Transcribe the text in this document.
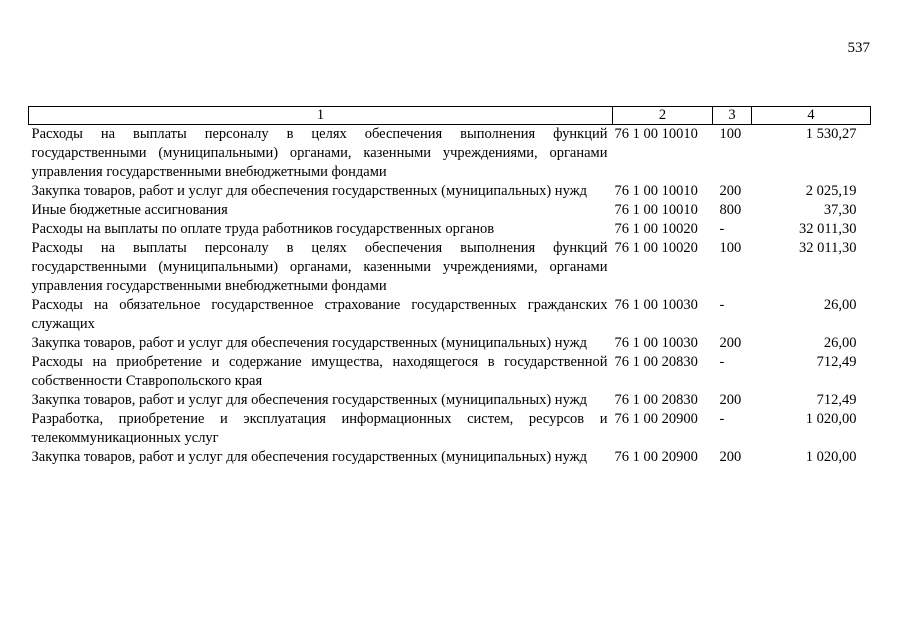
537
1	2	3	4
Расходы на выплаты персоналу в целях обеспечения выполнения функций государственными (муниципальными) органами, казенными учреждениями, органами управления государственными внебюджетными фондами	76 1 00 10010	100	1 530,27
Закупка товаров, работ и услуг для обеспечения государственных (муниципальных) нужд	76 1 00 10010	200	2 025,19
Иные бюджетные ассигнования	76 1 00 10010	800	37,30
Расходы на выплаты по оплате труда работников государственных органов	76 1 00 10020	-	32 011,30
Расходы на выплаты персоналу в целях обеспечения выполнения функций государственными (муниципальными) органами, казенными учреждениями, органами управления государственными внебюджетными фондами	76 1 00 10020	100	32 011,30
Расходы на обязательное государственное страхование государственных гражданских служащих	76 1 00 10030	-	26,00
Закупка товаров, работ и услуг для обеспечения государственных (муниципальных) нужд	76 1 00 10030	200	26,00
Расходы на приобретение и содержание имущества, находящегося в государственной собственности Ставропольского края	76 1 00 20830	-	712,49
Закупка товаров, работ и услуг для обеспечения государственных (муниципальных) нужд	76 1 00 20830	200	712,49
Разработка, приобретение и эксплуатация информационных систем, ресурсов и телекоммуникационных услуг	76 1 00 20900	-	1 020,00
Закупка товаров, работ и услуг для обеспечения государственных (муниципальных) нужд	76 1 00 20900	200	1 020,00
